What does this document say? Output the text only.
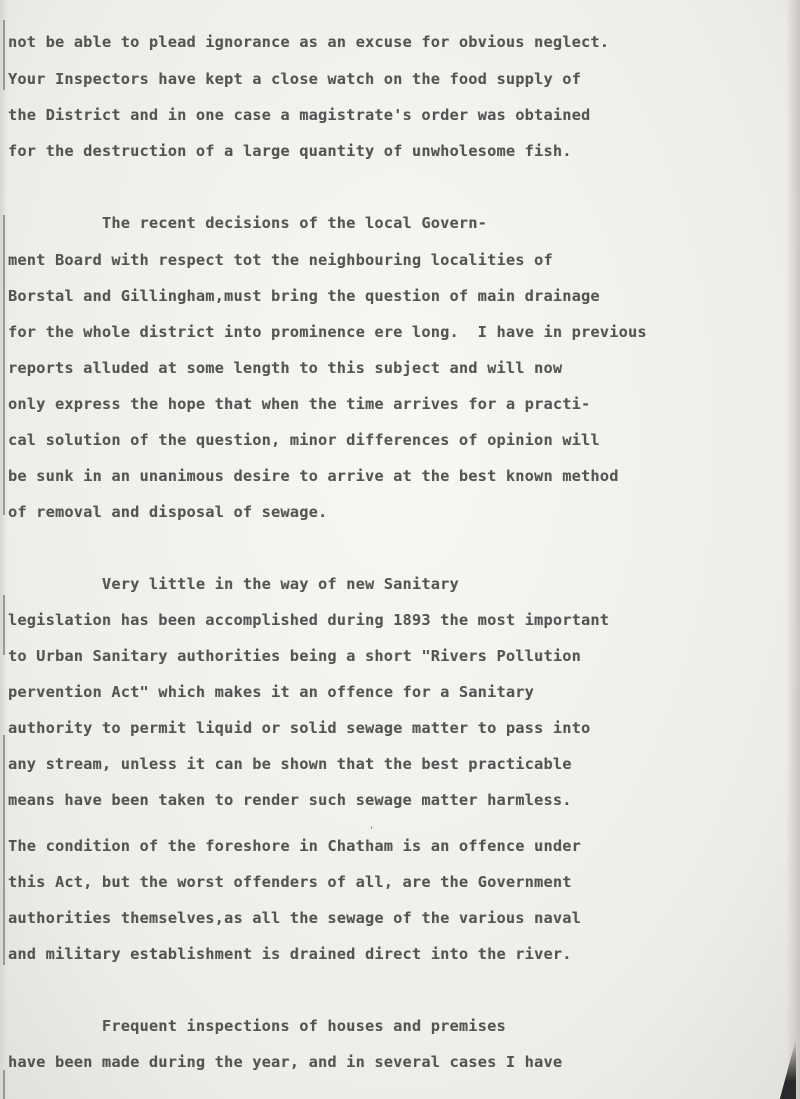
not be able to plead ignorance as an excuse for obvious neglect.
Your Inspectors have kept a close watch on the food supply of
the District and in one case a magistrate's order was obtained
for the destruction of a large quantity of unwholesome fish.
The recent decisions of the local Govern-
ment Board with respect tot the neighbouring localities of
Borstal and Gillingham,must bring the question of main drainage
for the whole district into prominence ere long.  I have in previous
reports alluded at some length to this subject and will now
only express the hope that when the time arrives for a practi-
cal solution of the question, minor differences of opinion will
be sunk in an unanimous desire to arrive at the best known method
of removal and disposal of sewage.
Very little in the way of new Sanitary
legislation has been accomplished during 1893 the most important
to Urban Sanitary authorities being a short "Rivers Pollution
pervention Act" which makes it an offence for a Sanitary
authority to permit liquid or solid sewage matter to pass into
any stream, unless it can be shown that the best practicable
means have been taken to render such sewage matter harmless.
The condition of the foreshore in Chatham is an offence under
this Act, but the worst offenders of all, are the Government
authorities themselves,as all the sewage of the various naval
and military establishment is drained direct into the river.
Frequent inspections of houses and premises
have been made during the year, and in several cases I have
,
